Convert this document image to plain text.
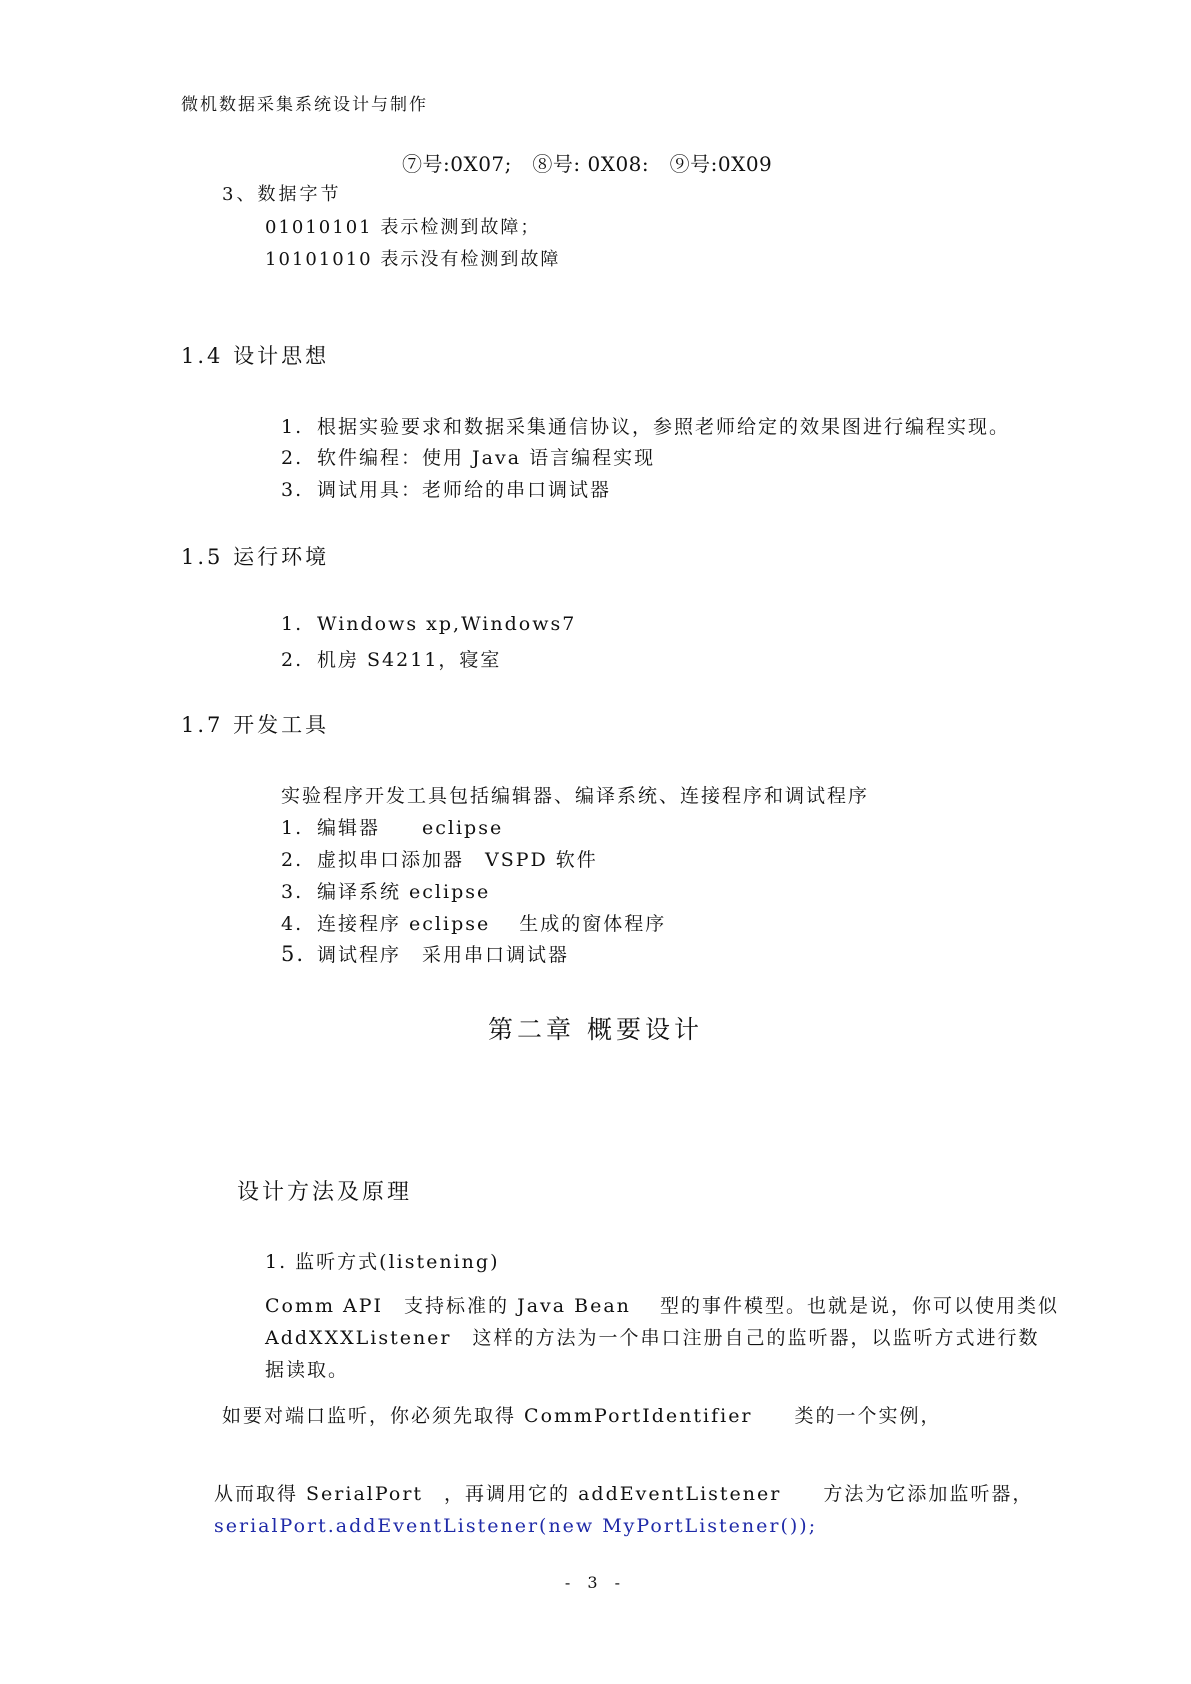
微机数据采集系统设计与制作
⑦号:0X07;　⑧号: 0X08:　⑨号:0X09
3、数据字节
01010101 表示检测到故障；
10101010 表示没有检测到故障
1.4 设计思想
1. 根据实验要求和数据采集通信协议，参照老师给定的效果图进行编程实现。
2. 软件编程：使用 Java 语言编程实现
3. 调试用具：老师给的串口调试器
1.5 运行环境
1. Windows xp,Windows7
2. 机房 S4211，寝室
1.7 开发工具
实验程序开发工具包括编辑器、编译系统、连接程序和调试程序
1. 编辑器　　eclipse
2. 虚拟串口添加器　VSPD 软件
3. 编译系统 eclipse
4. 连接程序 eclipse　 生成的窗体程序
5. 调试程序　采用串口调试器
第二章 概要设计
设计方法及原理
1. 监听方式(listening)
Comm API　支持标准的 Java Bean　 型的事件模型。也就是说，你可以使用类似
AddXXXListener　这样的方法为一个串口注册自己的监听器，以监听方式进行数
据读取。
如要对端口监听，你必须先取得 CommPortIdentifier　　类的一个实例，
从而取得 SerialPort　，再调用它的 addEventListener　　方法为它添加监听器，
serialPort.addEventListener(new MyPortListener());
- 3 -
